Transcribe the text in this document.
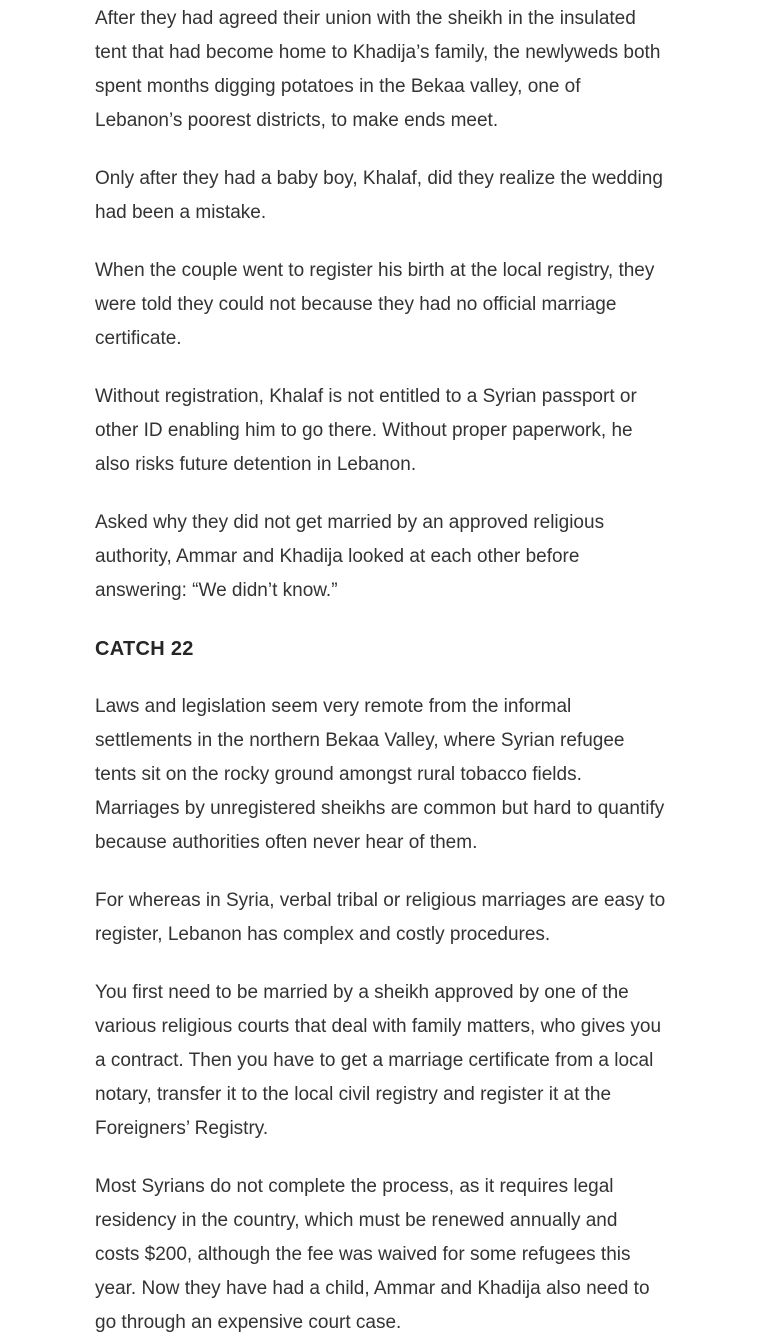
After they had agreed their union with the sheikh in the insulated
tent that had become home to Khadija’s family, the newlyweds both
spent months digging potatoes in the Bekaa valley, one of
Lebanon’s poorest districts, to make ends meet.

Only after they had a baby boy, Khalaf, did they realize the wedding
had been a mistake.

When the couple went to register his birth at the local registry, they
were told they could not because they had no official marriage
certificate.

Without registration, Khalaf is not entitled to a Syrian passport or
other ID enabling him to go there. Without proper paperwork, he
also risks future detention in Lebanon.

Asked why they did not get married by an approved religious
authority, Ammar and Khadija looked at each other before
answering: “We didn’t know.”

CATCH 22

Laws and legislation seem very remote from the informal
settlements in the northern Bekaa Valley, where Syrian refugee
tents sit on the rocky ground amongst rural tobacco fields.
Marriages by unregistered sheikhs are common but hard to quantify
because authorities often never hear of them.

For whereas in Syria, verbal tribal or religious marriages are easy to
register, Lebanon has complex and costly procedures.

You first need to be married by a sheikh approved by one of the
various religious courts that deal with family matters, who gives you
a contract. Then you have to get a marriage certificate from a local
notary, transfer it to the local civil registry and register it at the
Foreigners’ Registry.

Most Syrians do not complete the process, as it requires legal
residency in the country, which must be renewed annually and
costs $200, although the fee was waived for some refugees this
year. Now they have had a child, Ammar and Khadija also need to
go through an expensive court case.
